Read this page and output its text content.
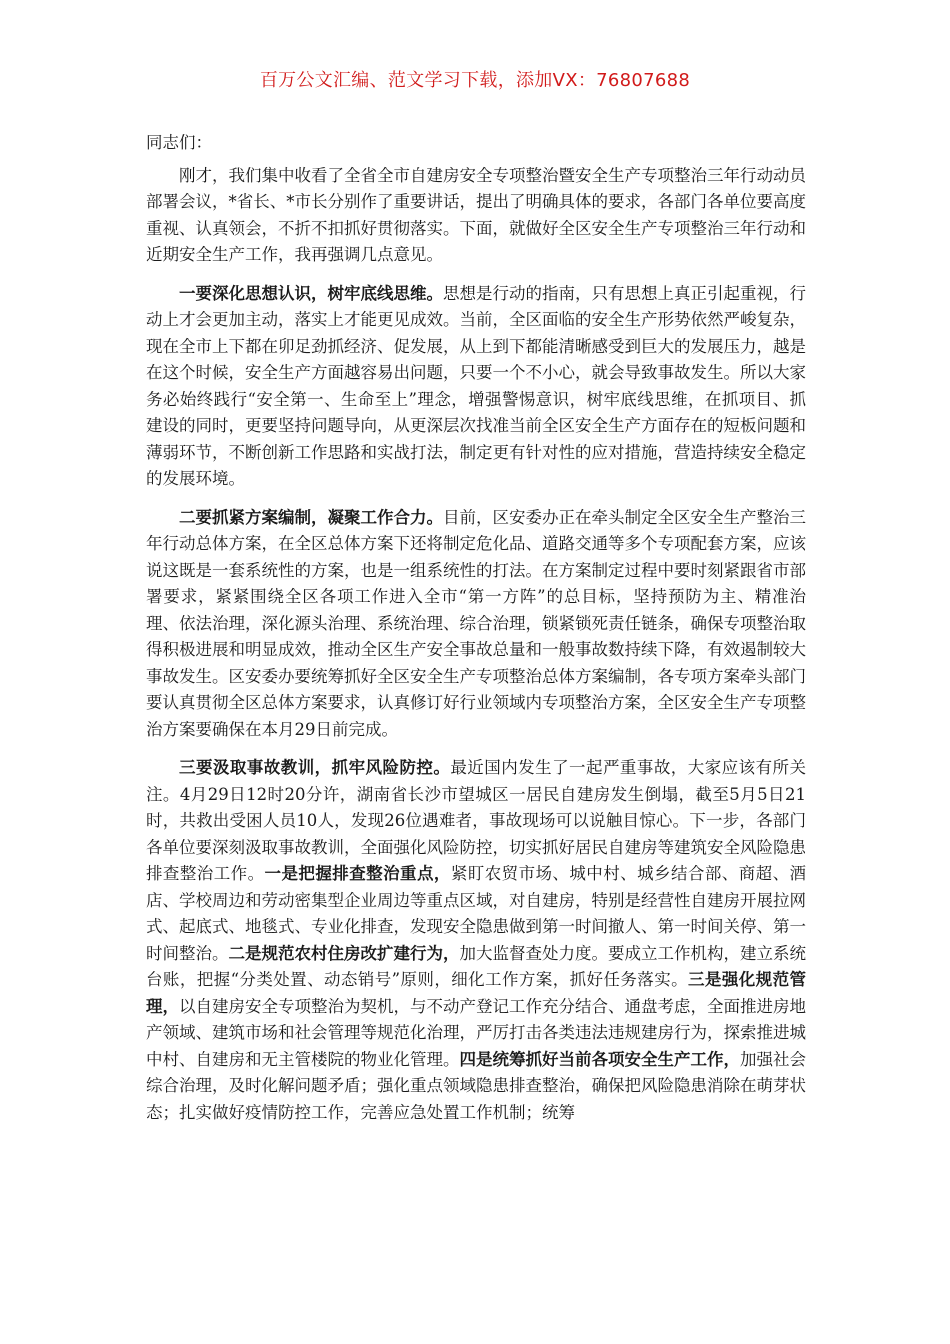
百万公文汇编、范文学习下载，添加VX：76807688

同志们：

刚才，我们集中收看了全省全市自建房安全专项整治暨安全生产专项整治三年行动动员部署会议，*省长、*市长分别作了重要讲话，提出了明确具体的要求，各部门各单位要高度重视、认真领会，不折不扣抓好贯彻落实。下面，就做好全区安全生产专项整治三年行动和近期安全生产工作，我再强调几点意见。

一要深化思想认识，树牢底线思维。思想是行动的指南，只有思想上真正引起重视，行动上才会更加主动，落实上才能更见成效。当前，全区面临的安全生产形势依然严峻复杂，现在全市上下都在卯足劲抓经济、促发展，从上到下都能清晰感受到巨大的发展压力，越是在这个时候，安全生产方面越容易出问题，只要一个不小心，就会导致事故发生。所以大家务必始终践行“安全第一、生命至上”理念，增强警惕意识，树牢底线思维，在抓项目、抓建设的同时，更要坚持问题导向，从更深层次找准当前全区安全生产方面存在的短板问题和薄弱环节，不断创新工作思路和实战打法，制定更有针对性的应对措施，营造持续安全稳定的发展环境。

二要抓紧方案编制，凝聚工作合力。目前，区安委办正在牵头制定全区安全生产整治三年行动总体方案，在全区总体方案下还将制定危化品、道路交通等多个专项配套方案，应该说这既是一套系统性的方案，也是一组系统性的打法。在方案制定过程中要时刻紧跟省市部署要求，紧紧围绕全区各项工作进入全市“第一方阵”的总目标，坚持预防为主、精准治理、依法治理，深化源头治理、系统治理、综合治理，锁紧锁死责任链条，确保专项整治取得积极进展和明显成效，推动全区生产安全事故总量和一般事故数持续下降，有效遏制较大事故发生。区安委办要统筹抓好全区安全生产专项整治总体方案编制，各专项方案牵头部门要认真贯彻全区总体方案要求，认真修订好行业领域内专项整治方案，全区安全生产专项整治方案要确保在本月29日前完成。

三要汲取事故教训，抓牢风险防控。最近国内发生了一起严重事故，大家应该有所关注。4月29日12时20分许，湖南省长沙市望城区一居民自建房发生倒塌，截至5月5日21时，共救出受困人员10人，发现26位遇难者，事故现场可以说触目惊心。下一步，各部门各单位要深刻汲取事故教训，全面强化风险防控，切实抓好居民自建房等建筑安全风险隐患排查整治工作。一是把握排查整治重点，紧盯农贸市场、城中村、城乡结合部、商超、酒店、学校周边和劳动密集型企业周边等重点区域，对自建房，特别是经营性自建房开展拉网式、起底式、地毯式、专业化排查，发现安全隐患做到第一时间撤人、第一时间关停、第一时间整治。二是规范农村住房改扩建行为，加大监督查处力度。要成立工作机构，建立系统台账，把握“分类处置、动态销号”原则，细化工作方案，抓好任务落实。三是强化规范管理，以自建房安全专项整治为契机，与不动产登记工作充分结合、通盘考虑，全面推进房地产领域、建筑市场和社会管理等规范化治理，严厉打击各类违法违规建房行为，探索推进城中村、自建房和无主管楼院的物业化管理。四是统筹抓好当前各项安全生产工作，加强社会综合治理，及时化解问题矛盾；强化重点领域隐患排查整治，确保把风险隐患消除在萌芽状态；扎实做好疫情防控工作，完善应急处置工作机制；统筹
